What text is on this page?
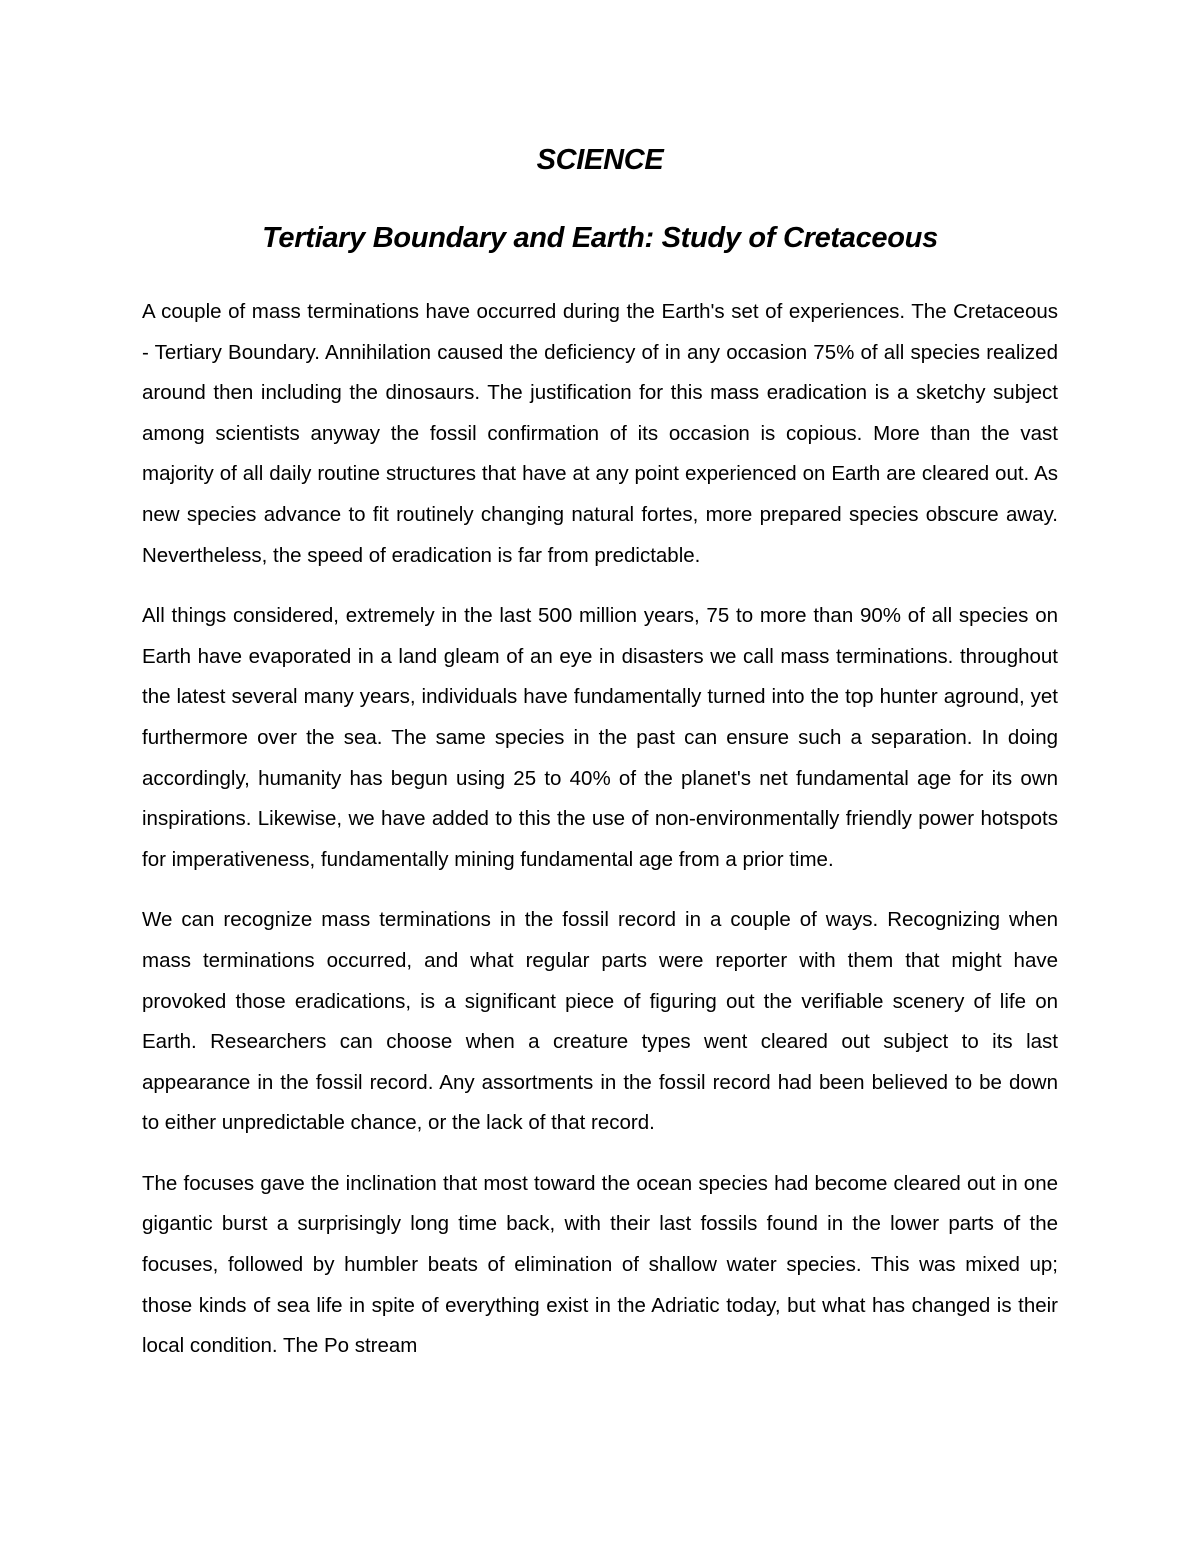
SCIENCE
Tertiary Boundary and Earth: Study of Cretaceous

A couple of mass terminations have occurred during the Earth's set of experiences. The Cretaceous - Tertiary Boundary. Annihilation caused the deficiency of in any occasion 75% of all species realized around then including the dinosaurs. The justification for this mass eradication is a sketchy subject among scientists anyway the fossil confirmation of its occasion is copious. More than the vast majority of all daily routine structures that have at any point experienced on Earth are cleared out. As new species advance to fit routinely changing natural fortes, more prepared species obscure away. Nevertheless, the speed of eradication is far from predictable.

All things considered, extremely in the last 500 million years, 75 to more than 90% of all species on Earth have evaporated in a land gleam of an eye in disasters we call mass terminations. throughout the latest several many years, individuals have fundamentally turned into the top hunter aground, yet furthermore over the sea. The same species in the past can ensure such a separation. In doing accordingly, humanity has begun using 25 to 40% of the planet's net fundamental age for its own inspirations. Likewise, we have added to this the use of non-environmentally friendly power hotspots for imperativeness, fundamentally mining fundamental age from a prior time.

We can recognize mass terminations in the fossil record in a couple of ways. Recognizing when mass terminations occurred, and what regular parts were reporter with them that might have provoked those eradications, is a significant piece of figuring out the verifiable scenery of life on Earth. Researchers can choose when a creature types went cleared out subject to its last appearance in the fossil record. Any assortments in the fossil record had been believed to be down to either unpredictable chance, or the lack of that record.

The focuses gave the inclination that most toward the ocean species had become cleared out in one gigantic burst a surprisingly long time back, with their last fossils found in the lower parts of the focuses, followed by humbler beats of elimination of shallow water species. This was mixed up; those kinds of sea life in spite of everything exist in the Adriatic today, but what has changed is their local condition. The Po stream
